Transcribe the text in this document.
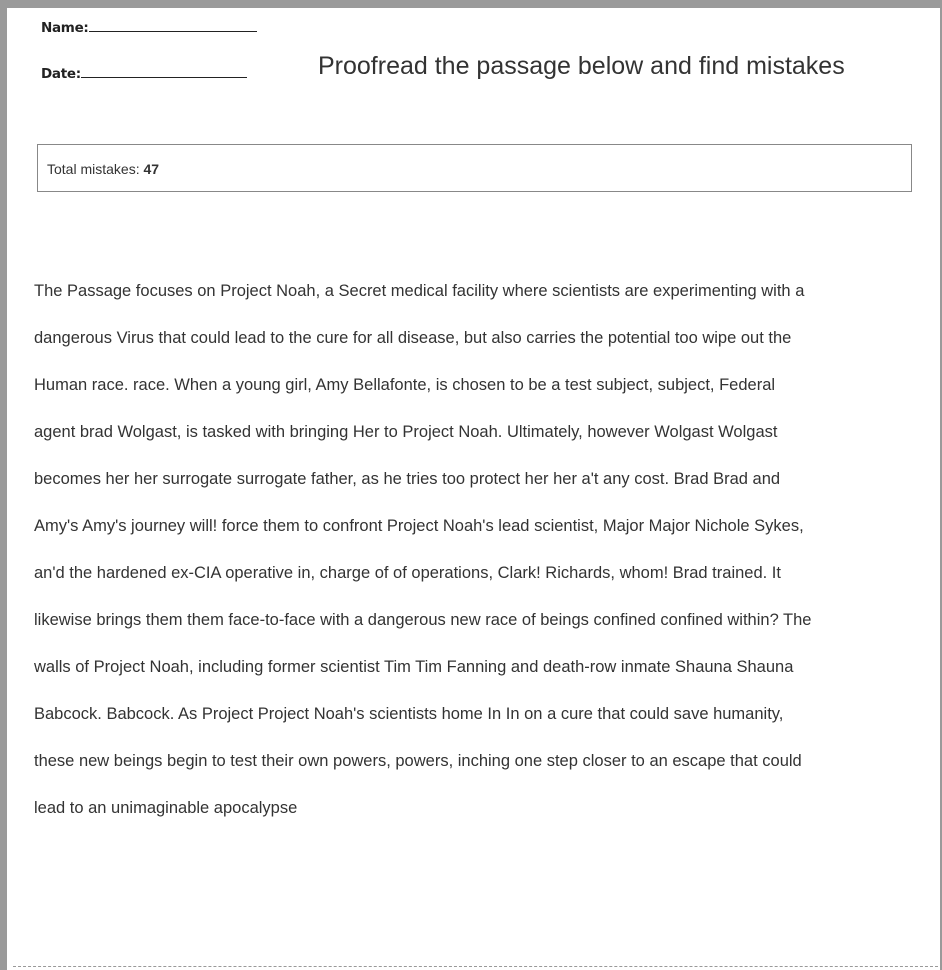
Name:
Date:	Proofread the passage below and find mistakes
Total mistakes: 47
The Passage focuses on Project Noah, a Secret medical facility where scientists are experimenting with a
dangerous Virus that could lead to the cure for all disease, but also carries the potential too wipe out the
Human race. race. When a young girl, Amy Bellafonte, is chosen to be a test subject, subject, Federal
agent brad Wolgast, is tasked with bringing Her to Project Noah. Ultimately, however Wolgast Wolgast
becomes her her surrogate surrogate father, as he tries too protect her her a't any cost. Brad Brad and
Amy's Amy's journey will! force them to confront Project Noah's lead scientist, Major Major Nichole Sykes,
an'd the hardened ex-CIA operative in, charge of of operations, Clark! Richards, whom! Brad trained. It
likewise brings them them face-to-face with a dangerous new race of beings confined confined within? The
walls of Project Noah, including former scientist Tim Tim Fanning and death-row inmate Shauna Shauna
Babcock. Babcock. As Project Project Noah's scientists home In In on a cure that could save humanity,
these new beings begin to test their own powers, powers, inching one step closer to an escape that could
lead to an unimaginable apocalypse
